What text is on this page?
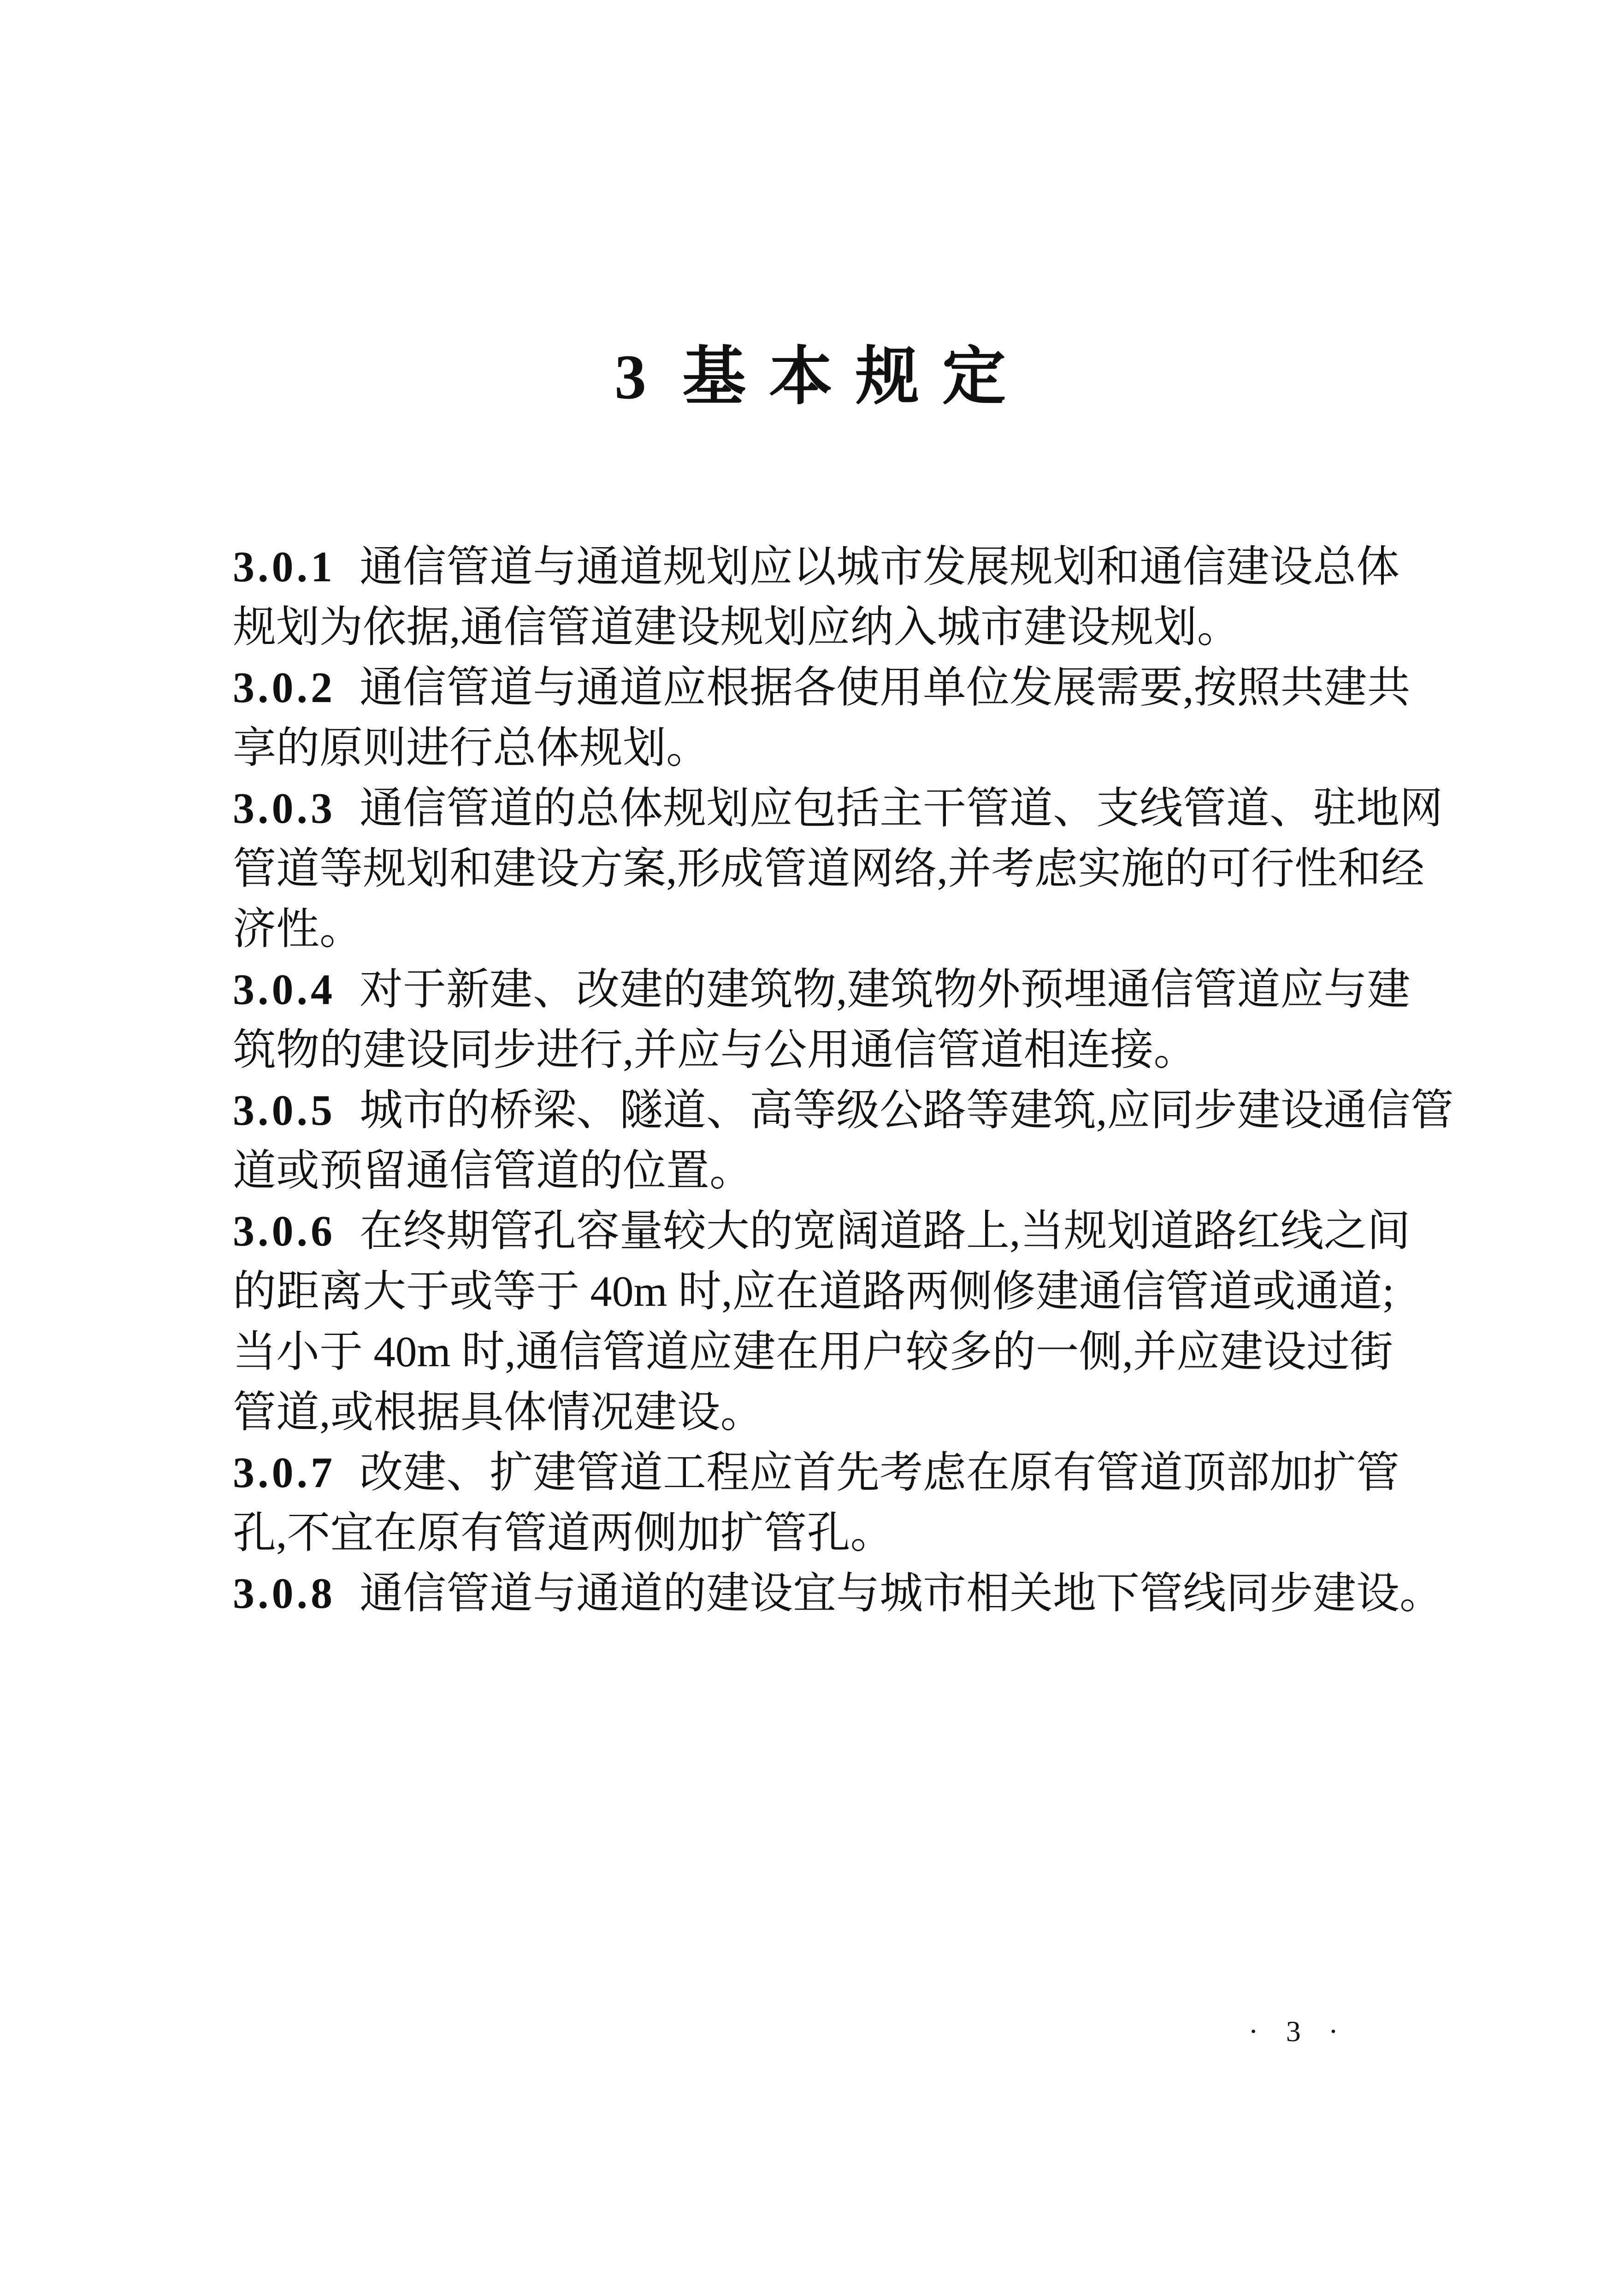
3 基本规定

3.0.1 通信管道与通道规划应以城市发展规划和通信建设总体

规划为依据,通信管道建设规划应纳入城市建设规划。

3.0.2 通信管道与通道应根据各使用单位发展需要,按照共建共

享的原则进行总体规划。

3.0.3 通信管道的总体规划应包括主干管道、支线管道、驻地网

管道等规划和建设方案,形成管道网络,并考虑实施的可行性和经

济性。

3.0.4 对于新建、改建的建筑物,建筑物外预埋通信管道应与建

筑物的建设同步进行,并应与公用通信管道相连接。

3.0.5 城市的桥梁、隧道、高等级公路等建筑,应同步建设通信管

道或预留通信管道的位置。

3.0.6 在终期管孔容量较大的宽阔道路上,当规划道路红线之间

的距离大于或等于 40m 时,应在道路两侧修建通信管道或通道;

当小于 40m 时,通信管道应建在用户较多的一侧,并应建设过街

管道,或根据具体情况建设。

3.0.7 改建、扩建管道工程应首先考虑在原有管道顶部加扩管

孔,不宜在原有管道两侧加扩管孔。

3.0.8 通信管道与通道的建设宜与城市相关地下管线同步建设。

· 3 ·
